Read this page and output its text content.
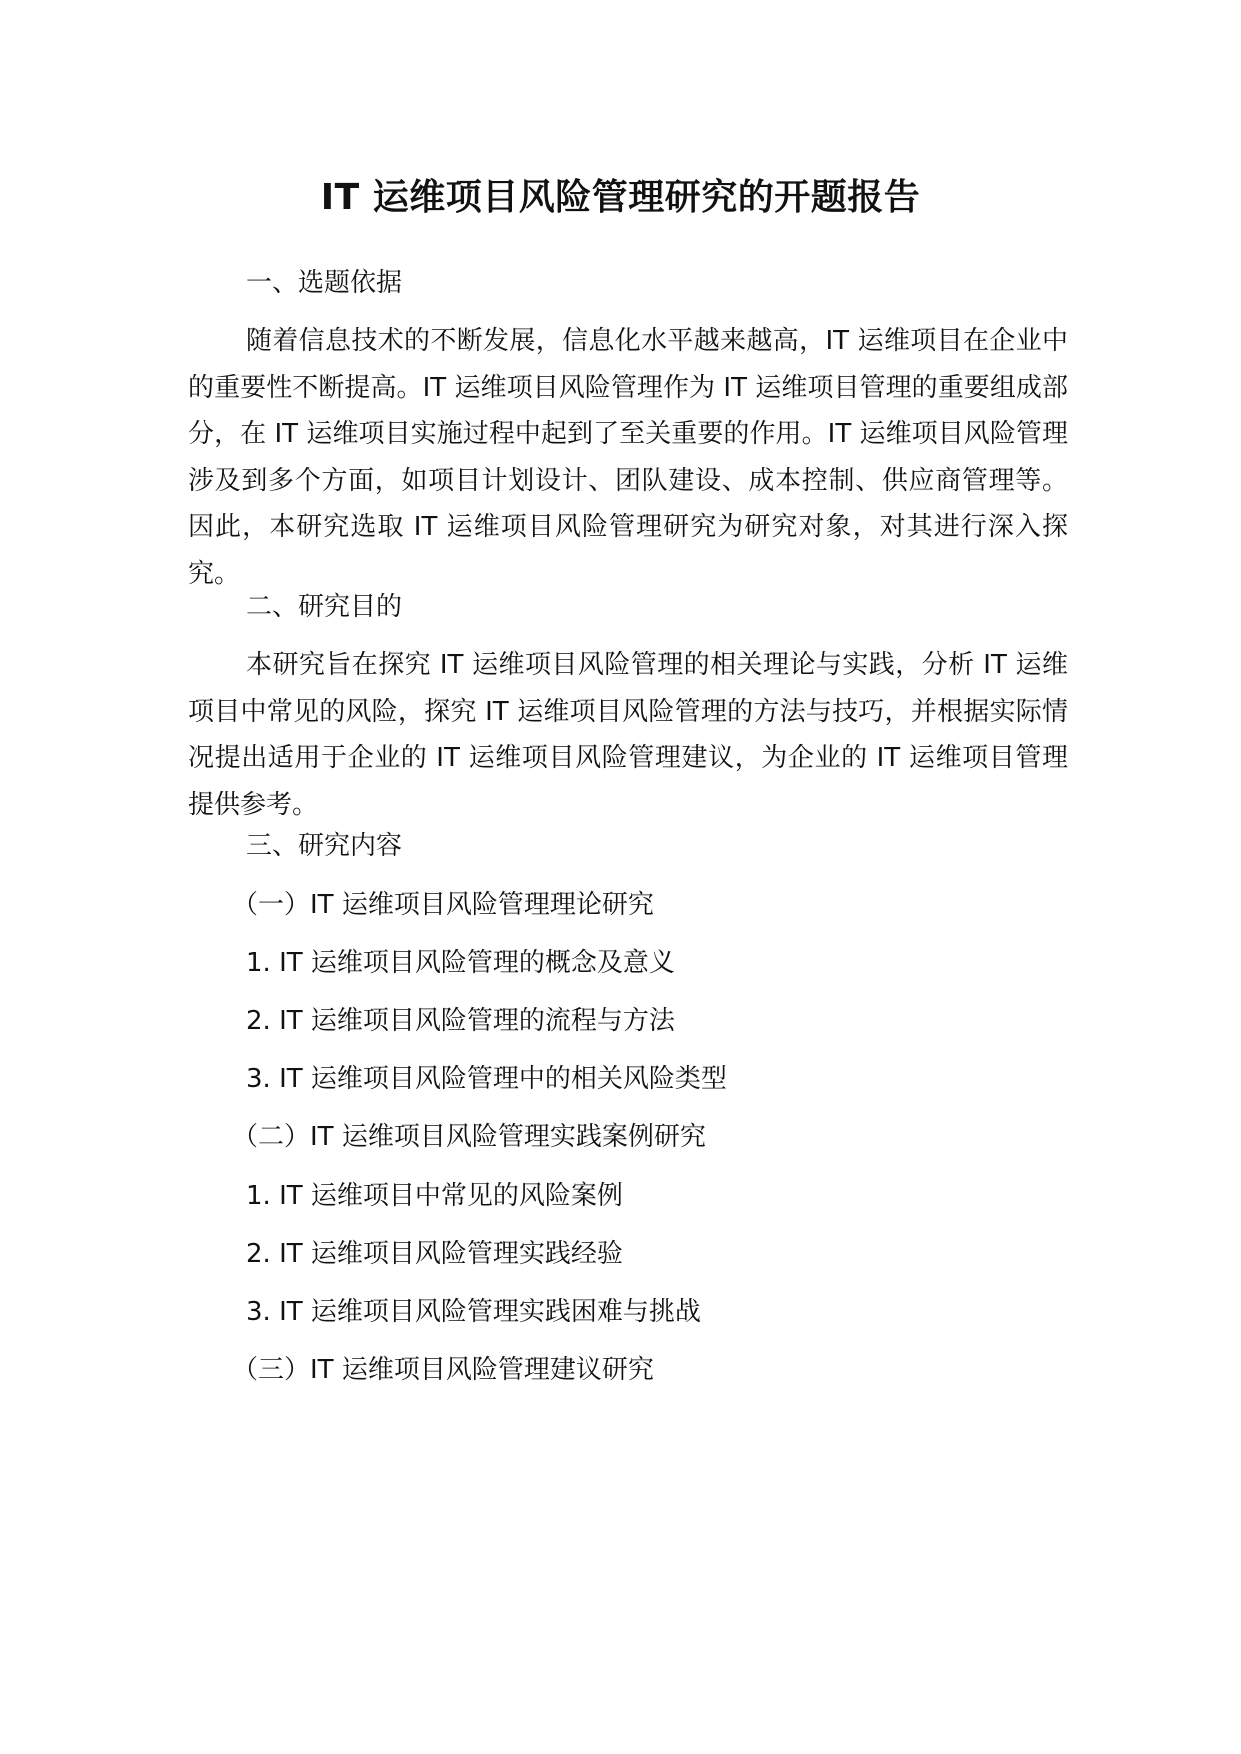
IT 运维项目风险管理研究的开题报告
一、选题依据
随着信息技术的不断发展，信息化水平越来越高，IT 运维项目在企业中的重要性不断提高。IT 运维项目风险管理作为 IT 运维项目管理的重要组成部分，在 IT 运维项目实施过程中起到了至关重要的作用。IT 运维项目风险管理涉及到多个方面，如项目计划设计、团队建设、成本控制、供应商管理等。因此，本研究选取 IT 运维项目风险管理研究为研究对象，对其进行深入探究。
二、研究目的
本研究旨在探究 IT 运维项目风险管理的相关理论与实践，分析 IT 运维项目中常见的风险，探究 IT 运维项目风险管理的方法与技巧，并根据实际情况提出适用于企业的 IT 运维项目风险管理建议，为企业的 IT 运维项目管理提供参考。
三、研究内容
（一）IT 运维项目风险管理理论研究
1. IT 运维项目风险管理的概念及意义
2. IT 运维项目风险管理的流程与方法
3. IT 运维项目风险管理中的相关风险类型
（二）IT 运维项目风险管理实践案例研究
1. IT 运维项目中常见的风险案例
2. IT 运维项目风险管理实践经验
3. IT 运维项目风险管理实践困难与挑战
（三）IT 运维项目风险管理建议研究
